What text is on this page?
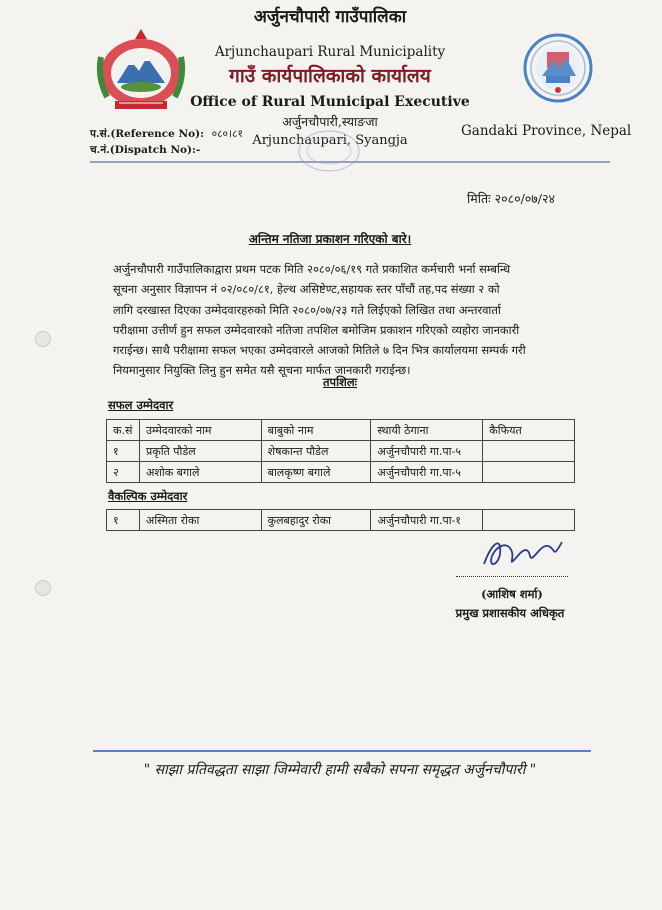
अर्जुनचौपारी गाउँपालिका
Arjunchaupari Rural Municipality
गाउँ कार्यपालिकाको कार्यालय
Office of Rural Municipal Executive
अर्जुनचौपारी,स्याङजा
Arjunchaupari, Syangja
Gandaki Province, Nepal
प.सं.(Reference No): ०८०।८१
च.नं.(Dispatch No):-
मितिः २०८०/०७/२४
अन्तिम नतिजा प्रकाशन गरिएको बारे।

अर्जुनचौपारी गाउँपालिकाद्वारा प्रथम पटक मिति २०८०/०६/१९ गते प्रकाशित कर्मचारी भर्ना सम्बन्धि

सूचना अनुसार विज्ञापन नं ०२/०८०/८१, हेल्थ असिष्टेण्ट,सहायक स्तर पाँचौं तह,पद संख्या २ को

लागि दरखास्त दिएका उम्मेदवारहरुको मिति २०८०/०७/२३ गते लिईएको लिखित तथा अन्तरवार्ता

परीक्षामा उत्तीर्ण हुन सफल उम्मेदवारको नतिजा तपशिल बमोजिम प्रकाशन गरिएको व्यहोरा जानकारी

गराईन्छ। साथै परीक्षामा सफल भएका उम्मेदवारले आजको मितिले ७ दिन भित्र कार्यालयमा सम्पर्क गरी

नियमानुसार नियुक्ति लिनु हुन समेत यसै सूचना मार्फत जानकारी गराईन्छ।

तपशिलः
सफल उम्मेदवार
क.सं	उम्मेदवारको नाम	बाबुको नाम	स्थायी ठेगाना	कैफियत
१	प्रकृति पौडेल	शेषकान्त पौडेल	अर्जुनचौपारी गा.पा-५	
२	अशोक बगाले	बालकृष्ण बगाले	अर्जुनचौपारी गा.पा-५	
वैकल्पिक उम्मेदवार
१	अस्मिता रोका	कुलबहादुर रोका	अर्जुनचौपारी गा.पा-१	
(आशिष शर्मा)
प्रमुख प्रशासकीय अधिकृत
" साझा प्रतिवद्धता साझा जिम्मेवारी हामी सबैको सपना समृद्धत अर्जुनचौपारी "
